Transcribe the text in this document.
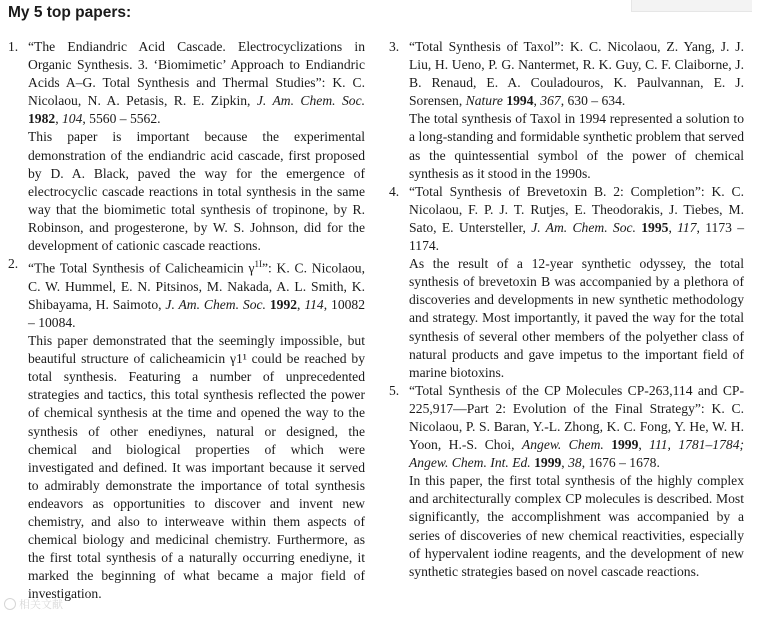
My 5 top papers:
1. “The Endiandric Acid Cascade. Electrocyclizations in Organic Synthesis. 3. ‘Biomimetic’ Approach to Endiandric Acids A–G. Total Synthesis and Thermal Studies”: K. C. Nicolaou, N. A. Petasis, R. E. Zipkin, J. Am. Chem. Soc. 1982, 104, 5560 – 5562.

This paper is important because the experimental demonstration of the endiandric acid cascade, first proposed by D. A. Black, paved the way for the emergence of electrocyclic cascade reactions in total synthesis in the same way that the biomimetic total synthesis of tropinone, by R. Robinson, and progesterone, by W. S. Johnson, did for the development of cationic cascade reactions.

2. “The Total Synthesis of Calicheamicin $\gamma^{1I}$”: K. C. Nicolaou, C. W. Hummel, E. N. Pitsinos, M. Nakada, A. L. Smith, K. Shibayama, H. Saimoto, J. Am. Chem. Soc. 1992, 114, 10082 – 10084.

This paper demonstrated that the seemingly impossible, but beautiful structure of calicheamicin γ1¹ could be reached by total synthesis. Featuring a number of unprecedented strategies and tactics, this total synthesis reflected the power of chemical synthesis at the time and opened the way to the synthesis of other enediynes, natural or designed, the chemical and biological properties of which were investigated and defined. It was important because it served to admirably demonstrate the importance of total synthesis endeavors as opportunities to discover and invent new chemistry, and also to interweave within them aspects of chemical biology and medicinal chemistry. Furthermore, as the first total synthesis of a naturally occurring enediyne, it marked the beginning of what became a major field of investigation.

3. “Total Synthesis of Taxol”: K. C. Nicolaou, Z. Yang, J. J. Liu, H. Ueno, P. G. Nantermet, R. K. Guy, C. F. Claiborne, J. B. Renaud, E. A. Couladouros, K. Paulvannan, E. J. Sorensen, Nature 1994, 367, 630 – 634.

The total synthesis of Taxol in 1994 represented a solution to a long-standing and formidable synthetic problem that served as the quintessential symbol of the power of chemical synthesis as it stood in the 1990s.

4. “Total Synthesis of Brevetoxin B. 2: Completion”: K. C. Nicolaou, F. P. J. T. Rutjes, E. Theodorakis, J. Tiebes, M. Sato, E. Untersteller, J. Am. Chem. Soc. 1995, 117, 1173 – 1174.

As the result of a 12-year synthetic odyssey, the total synthesis of brevetoxin B was accompanied by a plethora of discoveries and developments in new synthetic methodology and strategy. Most importantly, it paved the way for the total synthesis of several other members of the polyether class of natural products and gave impetus to the important field of marine biotoxins.

5. “Total Synthesis of the CP Molecules CP-263,114 and CP-225,917—Part 2: Evolution of the Final Strategy”: K. C. Nicolaou, P. S. Baran, Y.-L. Zhong, K. C. Fong, Y. He, W. H. Yoon, H.-S. Choi, Angew. Chem. 1999, 111, 1781–1784; Angew. Chem. Int. Ed. 1999, 38, 1676 – 1678.

In this paper, the first total synthesis of the highly complex and architecturally complex CP molecules is described. Most significantly, the accomplishment was accompanied by a series of discoveries of new chemical reactivities, especially of hypervalent iodine reagents, and the development of new synthetic strategies based on novel cascade reactions.

相关文献
